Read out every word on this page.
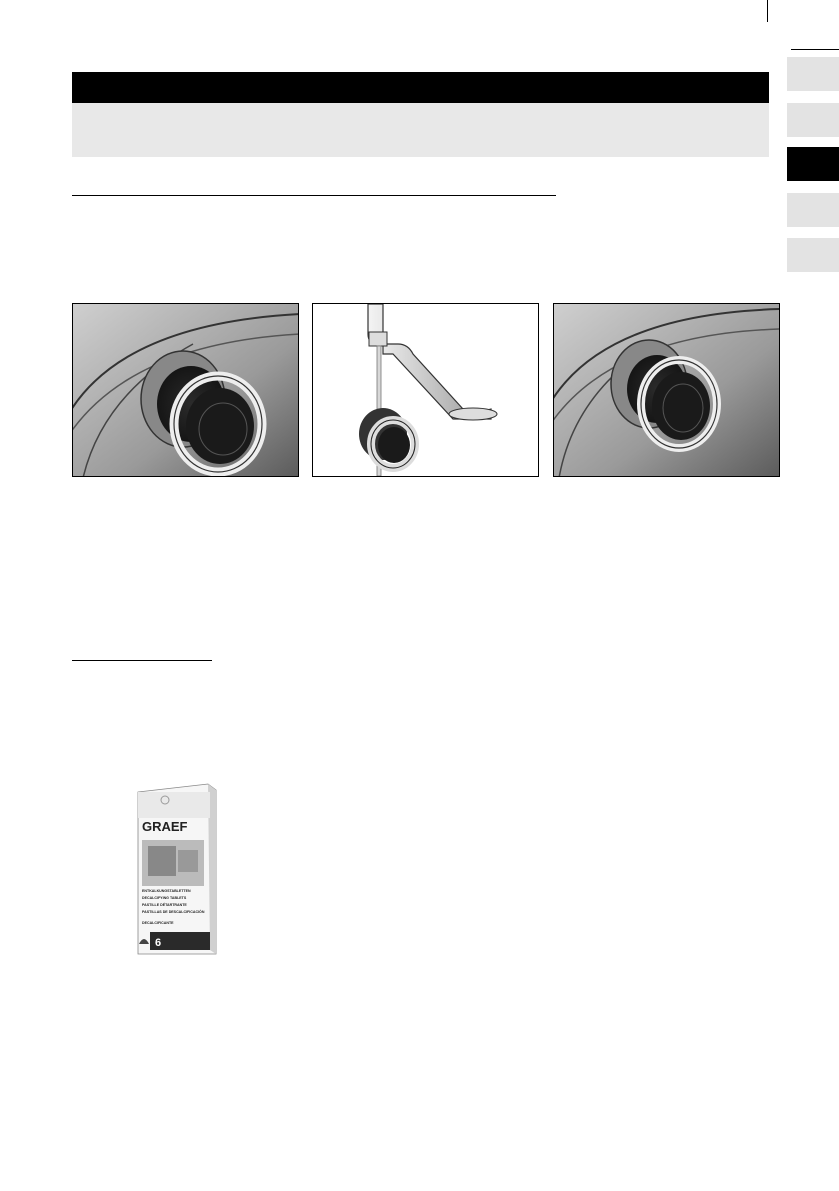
GRAEF
ENTKALKUNGSTABLETTEN
DECALCIFYING TABLETS
PASTILLE DÉTARTRANTE
PASTILLAS DE DESCALCIFICACIÓN
DECALCIFICANTE
6
